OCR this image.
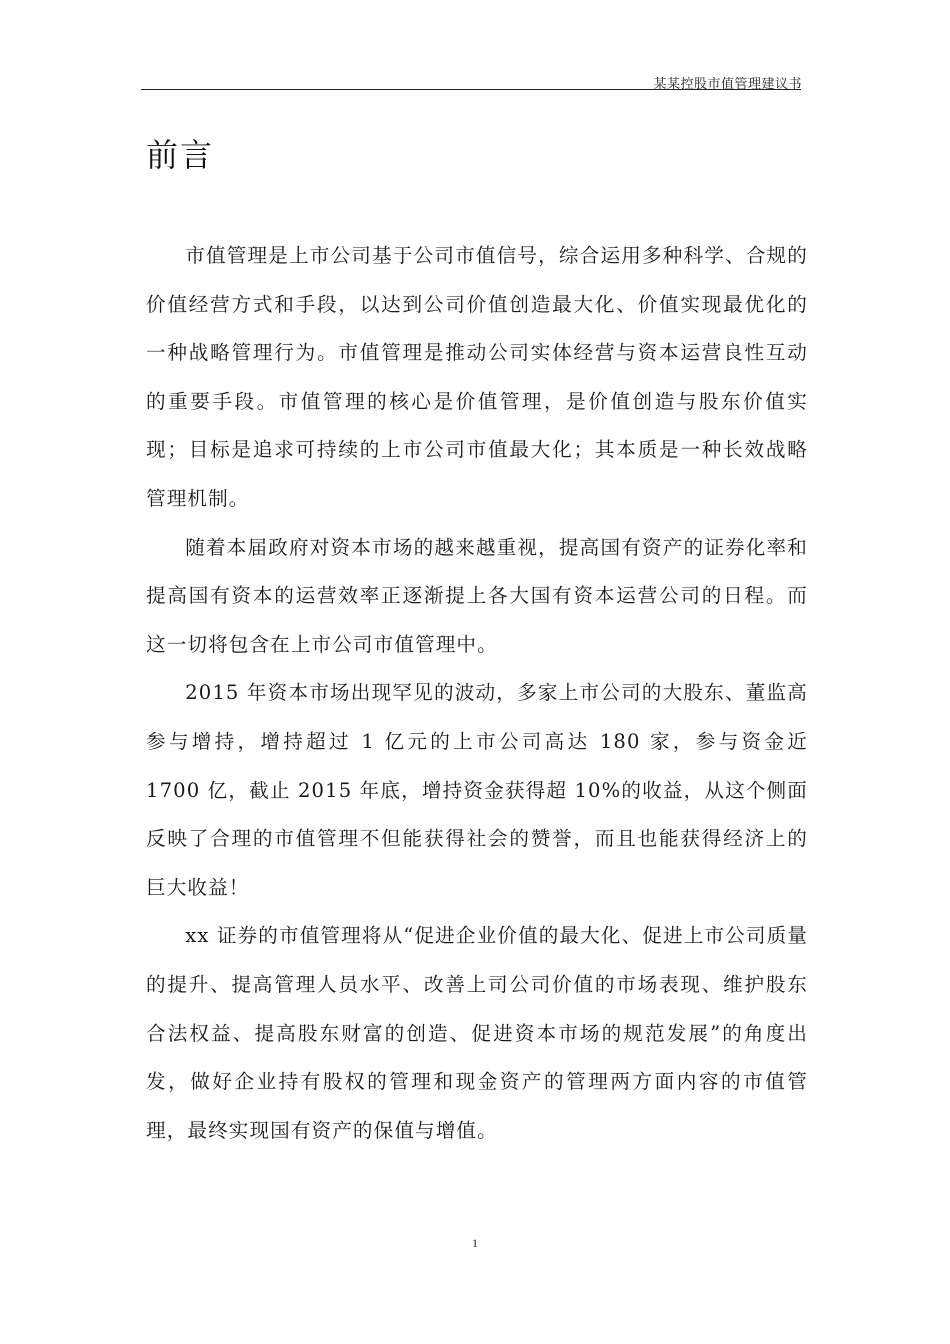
某某控股市值管理建议书
前言

市值管理是上市公司基于公司市值信号，综合运用多种科学、合规的价值经营方式和手段，以达到公司价值创造最大化、价值实现最优化的一种战略管理行为。市值管理是推动公司实体经营与资本运营良性互动的重要手段。市值管理的核心是价值管理，是价值创造与股东价值实现；目标是追求可持续的上市公司市值最大化；其本质是一种长效战略管理机制。

随着本届政府对资本市场的越来越重视，提高国有资产的证券化率和提高国有资本的运营效率正逐渐提上各大国有资本运营公司的日程。而这一切将包含在上市公司市值管理中。

2015 年资本市场出现罕见的波动，多家上市公司的大股东、董监高参与增持，增持超过 1 亿元的上市公司高达 180 家，参与资金近 1700 亿，截止 2015 年底，增持资金获得超 10%的收益，从这个侧面反映了合理的市值管理不但能获得社会的赞誉，而且也能获得经济上的巨大收益！

xx 证券的市值管理将从“促进企业价值的最大化、促进上市公司质量的提升、提高管理人员水平、改善上司公司价值的市场表现、维护股东合法权益、提高股东财富的创造、促进资本市场的规范发展”的角度出发，做好企业持有股权的管理和现金资产的管理两方面内容的市值管理，最终实现国有资产的保值与增值。

1
